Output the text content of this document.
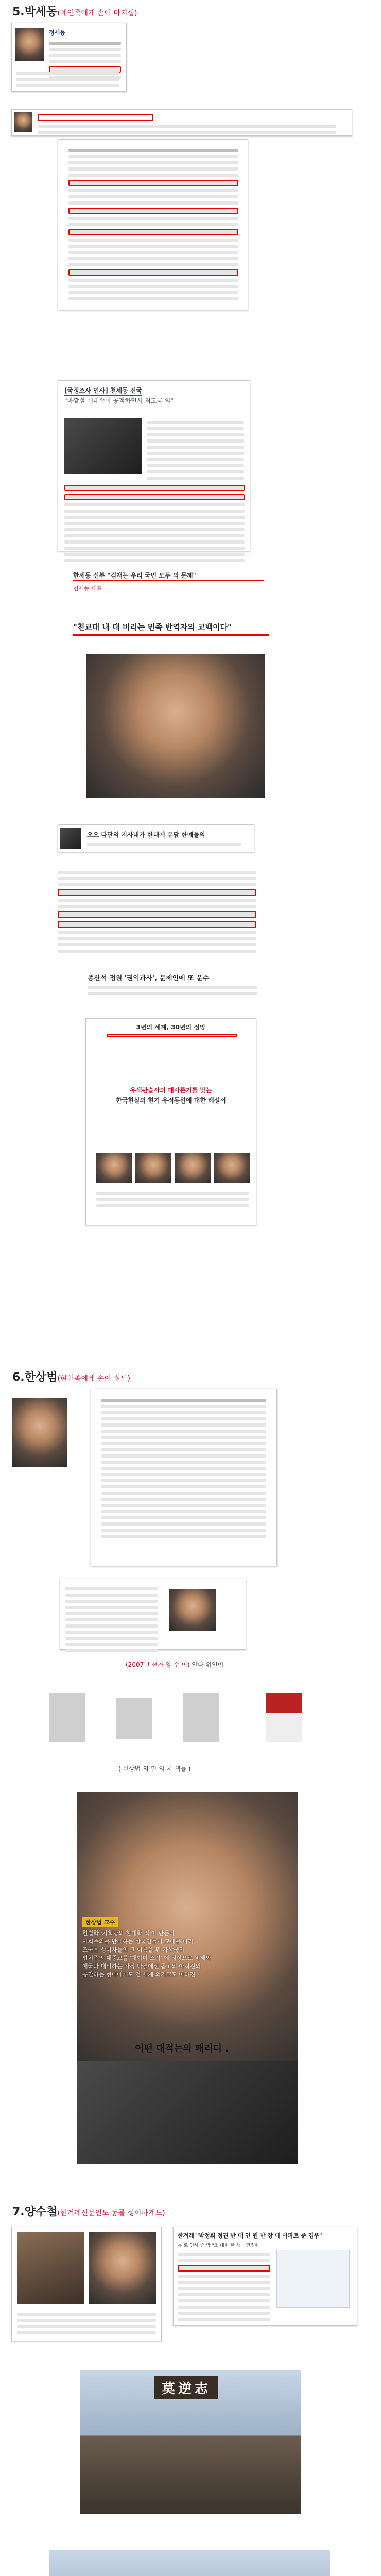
5.박세동(예인족에게 손이 마지섭)
정세동
[국정조사 인사] 천세동 전국
"바깥설 에대속이 공적하면서 최고국 의"
한세동 신부 "검재는 우리 국민 모두 의 문제"
천세동 대표
"천교대 내 대 비리는 민족 반역자의 교백이다"
오오 다단의 지사내가 한대에 유담 한예돌의
종산석 정원 '권익과사', 문제인에 또 운수
3년의 세계, 30년의 전망
유색관습사의 대사론기를 맞는
한국현실의 현기 유적동원에 대한 해설서
6.한상범(현인족에게 손이 쉬드)
(2007년 현자 양 수 이) 안다 위인이
( 한상법 외 편 의 저 책들 )
한상법 교수
헌법학 '자회당의 한대학 집'이 만든다
사회주의를 반대하는 한국인들이 교대를 바라
조국은 성이자들의 그 이름을 뭐 가상국의
법치주의 대중교를 '재이미 조직' 에 지상으로 비해와
애국과 대비하는 가장 다결에선 곧고의 아직진의
공간하는 형대에게도 전 세계 외기교도 아하진
어떤 대적는의 패러디 .
7.양수철(한겨례신문인도 동물 성이하계도)
한겨레 "박정희 정권 반 대 인 원 반 장 대 아파트 준 경우"
통 로 인사 중 박 "조 대한 한 생 " 건정한
莫逆志
